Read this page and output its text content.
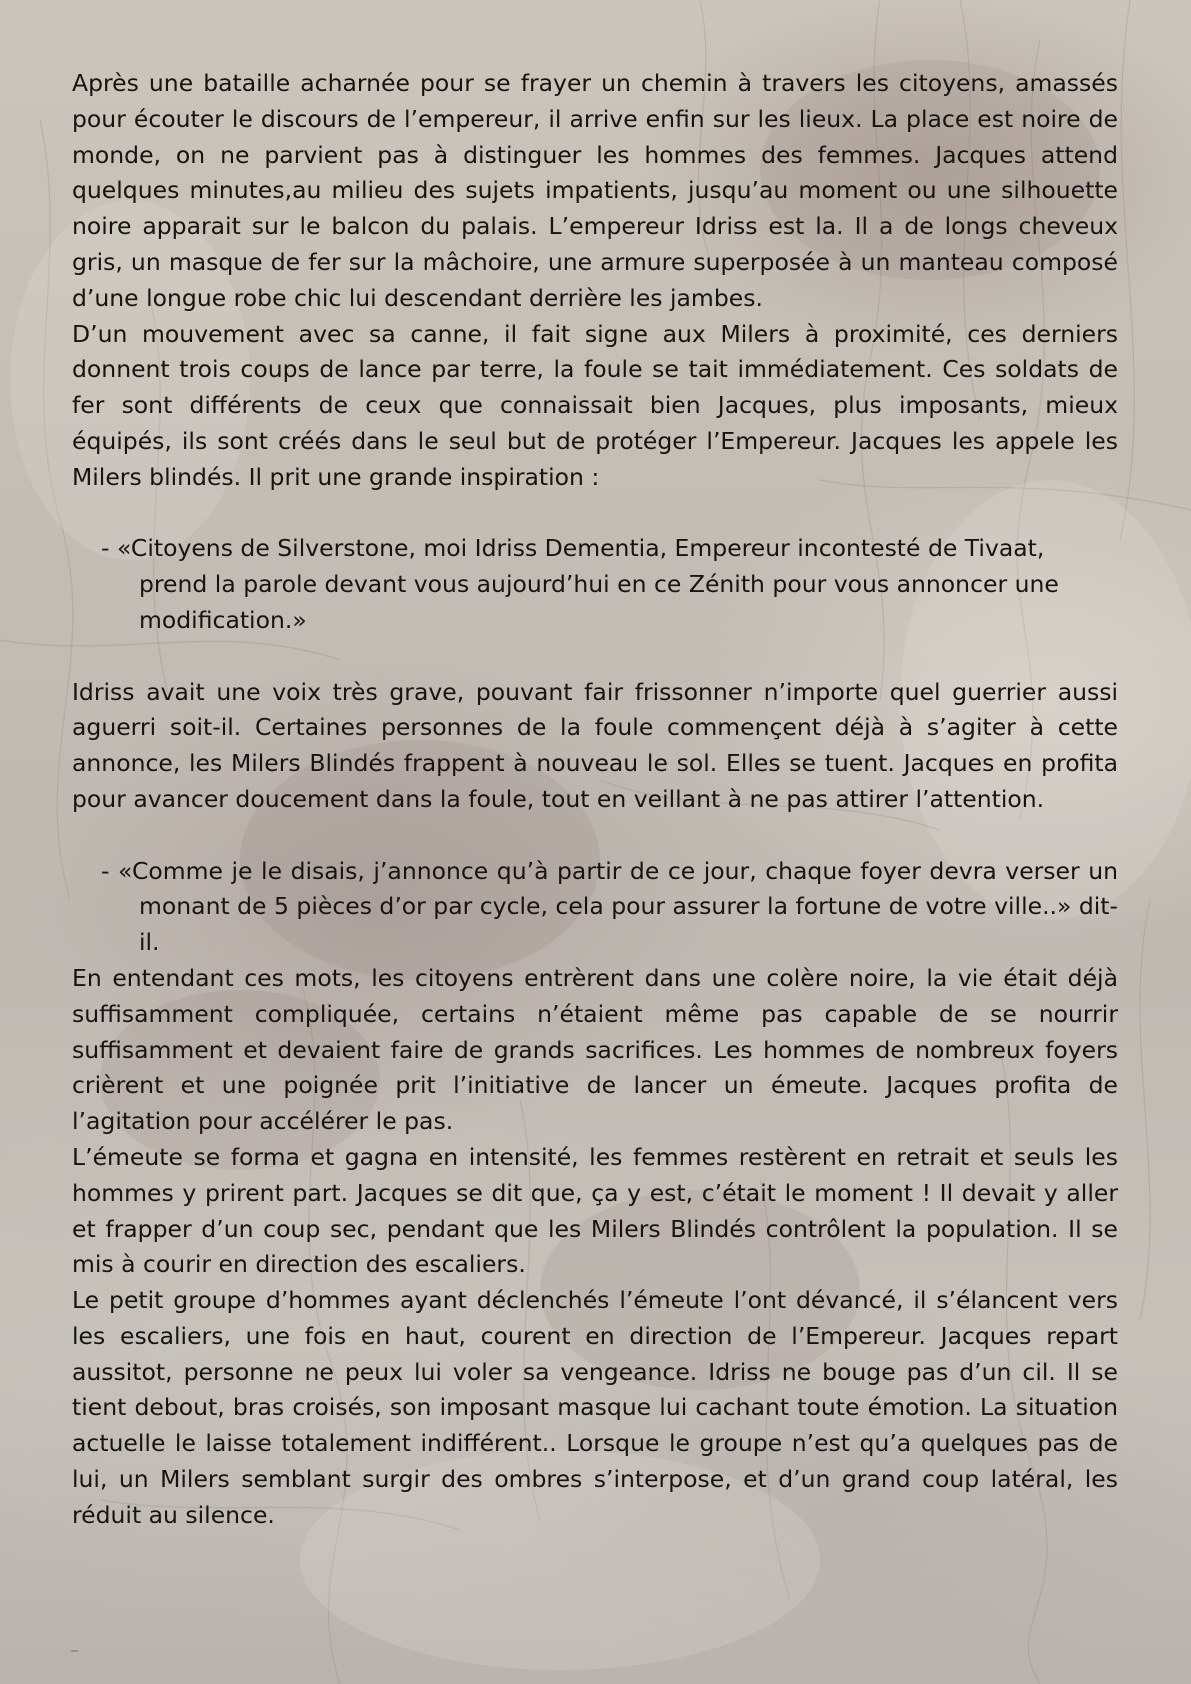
Après une bataille acharnée pour se frayer un chemin à travers les citoyens, amassés pour écouter le discours de l’empereur, il arrive enfin sur les lieux. La place est noire de monde, on ne parvient pas à distinguer les hommes des femmes. Jacques attend quelques minutes,au milieu des sujets impatients, jusqu’au moment ou une silhouette noire apparait sur le balcon du palais. L’empereur Idriss est la. Il a de longs cheveux gris, un masque de fer sur la mâchoire, une armure superposée à un manteau composé d’une longue robe chic lui descendant derrière les jambes.

D’un mouvement avec sa canne, il fait signe aux Milers à proximité, ces derniers donnent trois coups de lance par terre, la foule se tait immédiatement. Ces soldats de fer sont différents de ceux que connaissait bien Jacques, plus imposants, mieux équipés, ils sont créés dans le seul but de protéger l’Empereur. Jacques les appele les Milers blindés. Il prit une grande inspiration :

- «Citoyens de Silverstone, moi Idriss Dementia, Empereur incontesté de Tivaat, prend la parole devant vous aujourd’hui en ce Zénith pour vous annoncer une modification.»

Idriss avait une voix très grave, pouvant fair frissonner n’importe quel guerrier aussi aguerri soit-il. Certaines personnes de la foule commençent déjà à s’agiter à cette annonce, les Milers Blindés frappent à nouveau le sol. Elles se tuent. Jacques en profita pour avancer doucement dans la foule, tout en veillant à ne pas attirer l’attention.

- «Comme je le disais, j’annonce qu’à partir de ce jour, chaque foyer devra verser un monant de 5 pièces d’or par cycle, cela pour assurer la fortune de votre ville..» dit-il.

En entendant ces mots, les citoyens entrèrent dans une colère noire, la vie était déjà suffisamment compliquée, certains n’étaient même pas capable de se nourrir suffisamment et devaient faire de grands sacrifices. Les hommes de nombreux foyers crièrent et une poignée prit l’initiative de lancer un émeute. Jacques profita de l’agitation pour accélérer le pas.

L’émeute se forma et gagna en intensité, les femmes restèrent en retrait et seuls les hommes y prirent part. Jacques se dit que, ça y est, c’était le moment ! Il devait y aller et frapper d’un coup sec, pendant que les Milers Blindés contrôlent la population. Il se mis à courir en direction des escaliers.

Le petit groupe d’hommes ayant déclenchés l’émeute l’ont dévancé, il s’élancent vers les escaliers, une fois en haut, courent en direction de l’Empereur. Jacques repart aussitot, personne ne peux lui voler sa vengeance. Idriss ne bouge pas d’un cil. Il se tient debout, bras croisés, son imposant masque lui cachant toute émotion. La situation actuelle le laisse totalement indifférent.. Lorsque le groupe n’est qu’a quelques pas de lui, un Milers semblant surgir des ombres s’interpose, et d’un grand coup latéral, les réduit au silence.

_
